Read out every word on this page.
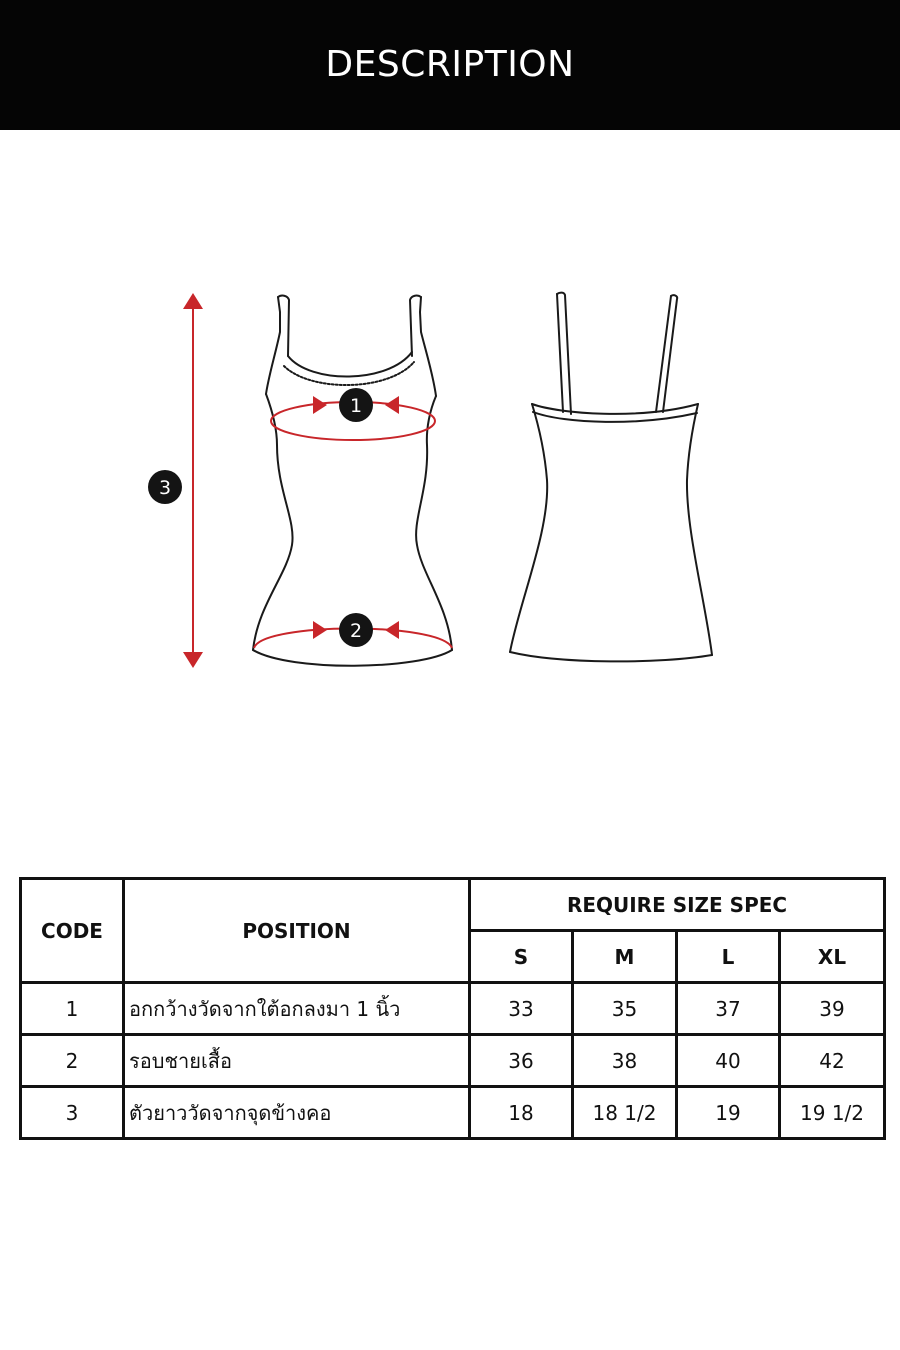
DESCRIPTION
3
1
2
CODE	POSITION	REQUIRE SIZE SPEC			
		S	M	L	XL
1	อกกว้างวัดจากใต้อกลงมา 1 นิ้ว	33	35	37	39
2	รอบชายเสื้อ	36	38	40	42
3	ตัวยาววัดจากจุดข้างคอ	18	18 1/2	19	19 1/2
